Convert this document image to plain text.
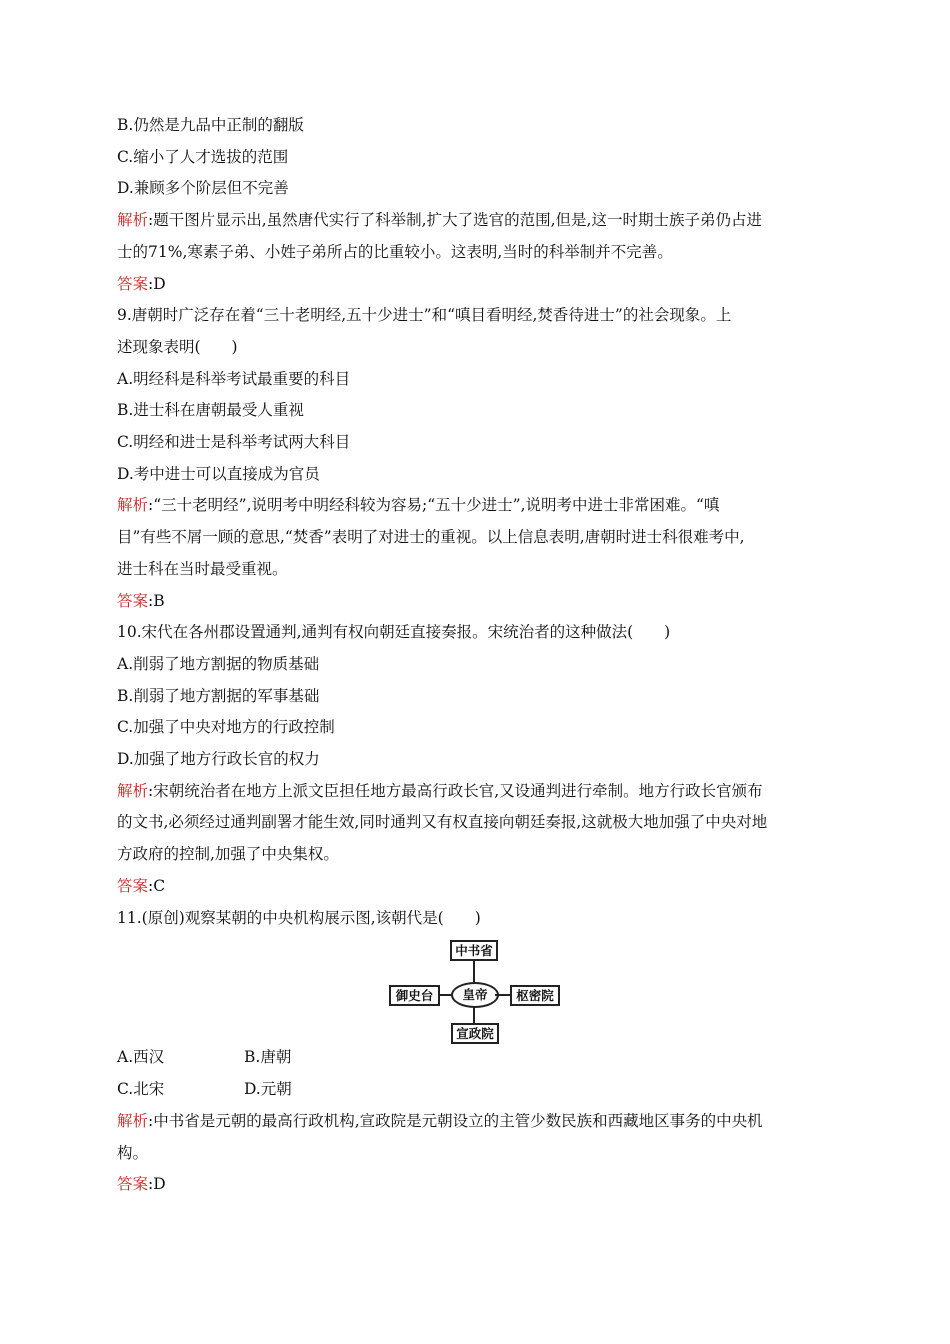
B.仍然是九品中正制的翻版
C.缩小了人才选拔的范围
D.兼顾多个阶层但不完善
解析:题干图片显示出,虽然唐代实行了科举制,扩大了选官的范围,但是,这一时期士族子弟仍占进
士的71%,寒素子弟、小姓子弟所占的比重较小。这表明,当时的科举制并不完善。
答案:D
9.唐朝时广泛存在着“三十老明经,五十少进士”和“嗔目看明经,焚香待进士”的社会现象。上
述现象表明(　　)
A.明经科是科举考试最重要的科目
B.进士科在唐朝最受人重视
C.明经和进士是科举考试两大科目
D.考中进士可以直接成为官员
解析:“三十老明经”,说明考中明经科较为容易;“五十少进士”,说明考中进士非常困难。“嗔
目”有些不屑一顾的意思,“焚香”表明了对进士的重视。以上信息表明,唐朝时进士科很难考中,
进士科在当时最受重视。
答案:B
10.宋代在各州郡设置通判,通判有权向朝廷直接奏报。宋统治者的这种做法(　　)
A.削弱了地方割据的物质基础
B.削弱了地方割据的军事基础
C.加强了中央对地方的行政控制
D.加强了地方行政长官的权力
解析:宋朝统治者在地方上派文臣担任地方最高行政长官,又设通判进行牵制。地方行政长官颁布
的文书,必须经过通判副署才能生效,同时通判又有权直接向朝廷奏报,这就极大地加强了中央对地
方政府的控制,加强了中央集权。
答案:C
11.(原创)观察某朝的中央机构展示图,该朝代是(　　)
中书省
皇帝
御史台	枢密院
宣政院
A.西汉	B.唐朝
C.北宋	D.元朝
解析:中书省是元朝的最高行政机构,宣政院是元朝设立的主管少数民族和西藏地区事务的中央机
构。
答案:D
